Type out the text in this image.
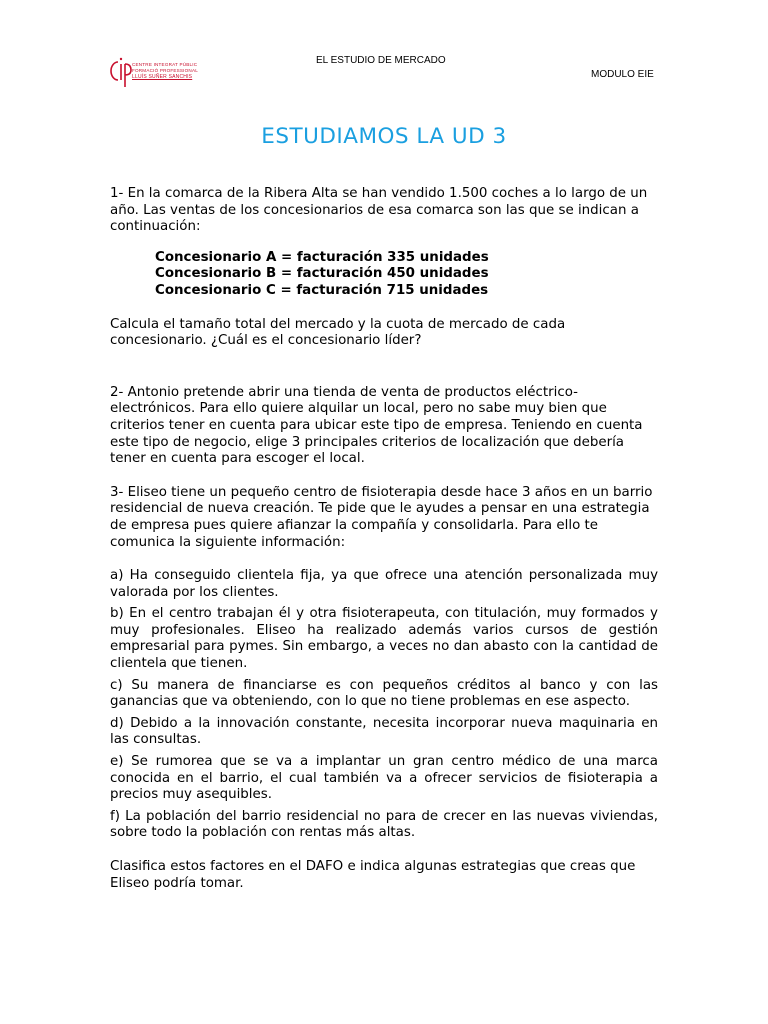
CENTRE INTEGRAT PÚBLIC
FORMACIÓ PROFESSIONAL
LLUÍS SUÑER SANCHIS
EL ESTUDIO DE MERCADO
MODULO EIE
ESTUDIAMOS LA UD 3

1- En la comarca de la Ribera Alta se han vendido 1.500 coches a lo largo de un año. Las ventas de los concesionarios de esa comarca son las que se indican a continuación:

Concesionario A = facturación 335 unidades
Concesionario B = facturación 450 unidades
Concesionario C = facturación 715 unidades

Calcula el tamaño total del mercado y la cuota de mercado de cada concesionario. ¿Cuál es el concesionario líder?

2- Antonio pretende abrir una tienda de venta de productos eléctrico-electrónicos. Para ello quiere alquilar un local, pero no sabe muy bien que criterios tener en cuenta para ubicar este tipo de empresa. Teniendo en cuenta este tipo de negocio, elige 3 principales criterios de localización que debería tener en cuenta para escoger el local.

3- Eliseo tiene un pequeño centro de fisioterapia desde hace 3 años en un barrio residencial de nueva creación. Te pide que le ayudes a pensar en una estrategia de empresa pues quiere afianzar la compañía y consolidarla. Para ello te comunica la siguiente información:

a) Ha conseguido clientela fija, ya que ofrece una atención personalizada muy valorada por los clientes.

b) En el centro trabajan él y otra fisioterapeuta, con titulación, muy formados y muy profesionales. Eliseo ha realizado además varios cursos de gestión empresarial para pymes. Sin embargo, a veces no dan abasto con la cantidad de clientela que tienen.

c) Su manera de financiarse es con pequeños créditos al banco y con las ganancias que va obteniendo, con lo que no tiene problemas en ese aspecto.

d) Debido a la innovación constante, necesita incorporar nueva maquinaria en las consultas.

e) Se rumorea que se va a implantar un gran centro médico de una marca conocida en el barrio, el cual también va a ofrecer servicios de fisioterapia a precios muy asequibles.

f) La población del barrio residencial no para de crecer en las nuevas viviendas, sobre todo la población con rentas más altas.

Clasifica estos factores en el DAFO e indica algunas estrategias que creas que Eliseo podría tomar.
